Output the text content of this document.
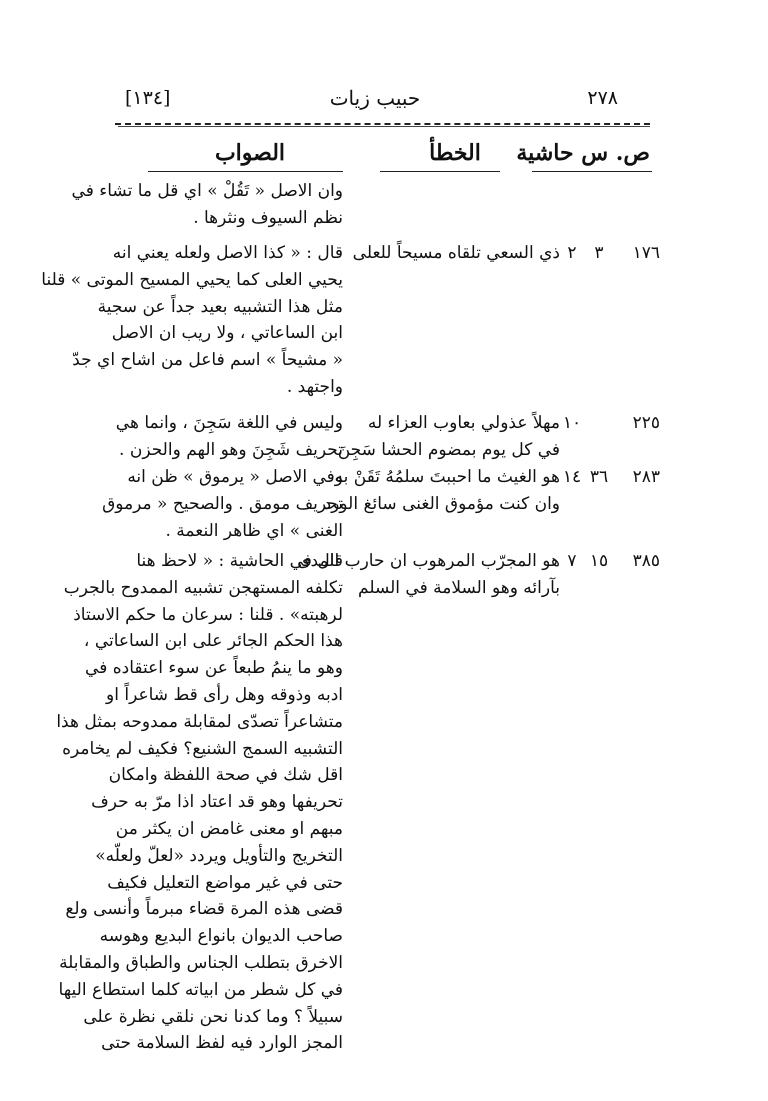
٢٧٨
حبيب زيات
[١٣٤]
ص. س حاشية
الخطأ
الصواب
وان الاصل « تَقُلْ » اي قل ما تشاء في
نظم السيوف ونثرها .
١٧٦
٣
٢
ذي السعي تلقاه مسيحاً للعلى
قال : « كذا الاصل ولعله يعني انه
يحيي العلى كما يحيي المسيح الموتى » قلنا
مثل هذا التشبيه بعيد جداً عن سجية
ابن الساعاتي ، ولا ريب ان الاصل
« مشيحاً » اسم فاعل من اشاح اي جدّ
واجتهد .
٢٢٥
١٠
مهلاً عذولي بعاوب العزاء له
في كل يوم بمضوم الحشا سَجِنَ
وليس في اللغة سَجِنَ ، وانما هي
تحريف شَجِنَ وهو الهم والحزن .
٢٨٣
٣٦
١٤
هو الغيث ما احببتَ سلمُهُ تَقَنْ به
وان كنت مؤموق الغنى سائغ الورد
وفي الاصل « يرموق » ظن انه
تحريف مومق . والصحيح « مرموق
الغنى » اي ظاهر النعمة .
٣٨٥
١٥
٧
هو المجرّب المرهوب ان حارب المدى
بآرائه وهو السلامة في السلم
قال في الحاشية : « لاحظ هنا
تكلفه المستهجن تشبيه الممدوح بالجرب
لرهبته» . قلنا : سرعان ما حكم الاستاذ
هذا الحكم الجائر على ابن الساعاتي ،
وهو ما ينمُ طبعاً عن سوء اعتقاده في
ادبه وذوقه وهل رأى قط شاعراً او
متشاعراً تصدّى لمقابلة ممدوحه بمثل هذا
التشبيه السمج الشنيع؟ فكيف لم يخامره
اقل شك في صحة اللفظة وامكان
تحريفها وهو قد اعتاد اذا مرّ به حرف
مبهم او معنى غامض ان يكثر من
التخريج والتأويل ويردد «لعلّ ولعلّه»
حتى في غير مواضع التعليل فكيف
قضى هذه المرة قضاء مبرماً وأنسى ولع
صاحب الديوان بانواع البديع وهوسه
الاخرق بتطلب الجناس والطباق والمقابلة
في كل شطر من ابياته كلما استطاع اليها
سبيلاً ؟ وما كدنا نحن نلقي نظرة على
المجز الوارد فيه لفظ السلامة حتى
